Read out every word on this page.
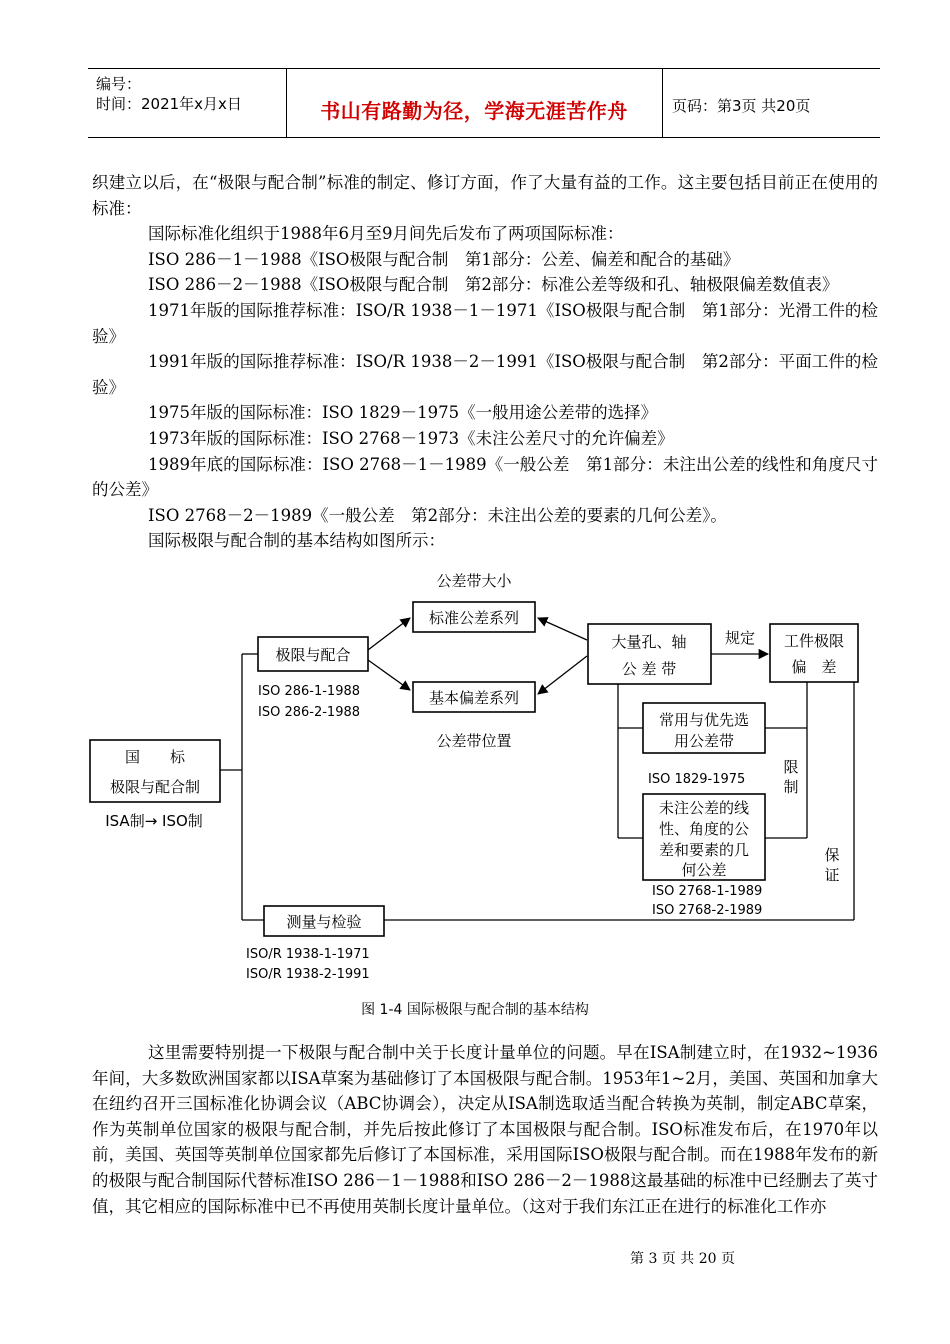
编号：
时间：2021年x月x日	书山有路勤为径，学海无涯苦作舟	页码：第3页 共20页

织建立以后，在“极限与配合制”标准的制定、修订方面，作了大量有益的工作。这主要包括目前正在使用的标准：

国际标准化组织于1988年6月至9月间先后发布了两项国际标准：

ISO 286－1－1988《ISO极限与配合制　第1部分：公差、偏差和配合的基础》

ISO 286－2－1988《ISO极限与配合制　第2部分：标准公差等级和孔、轴极限偏差数值表》

1971年版的国际推荐标准：ISO/R 1938－1－1971《ISO极限与配合制　第1部分：光滑工件的检验》

1991年版的国际推荐标准：ISO/R 1938－2－1991《ISO极限与配合制　第2部分：平面工件的检验》

1975年版的国际标准：ISO 1829－1975《一般用途公差带的选择》

1973年版的国际标准：ISO 2768－1973《未注公差尺寸的允许偏差》

1989年底的国际标准：ISO 2768－1－1989《一般公差　第1部分：未注出公差的线性和角度尺寸的公差》

ISO 2768－2－1989《一般公差　第2部分：未注出公差的要素的几何公差》。

国际极限与配合制的基本结构如图所示：

公差带大小
公差带位置
国　　标
极限与配合制
ISA制→ ISO制
极限与配合
标准公差系列
基本偏差系列
大量孔、轴
公 差 带
规定 工件极限
偏　差
常用与优先选
用公差带
限
制
未注公差的线
性、角度的公
差和要素的几
何公差
保
证
测量与检验
ISO 286-1-1988
ISO 286-2-1988
ISO 1829-1975
ISO 2768-1-1989
ISO 2768-2-1989
ISO/R 1938-1-1971
ISO/R 1938-2-1991
图 1-4 国际极限与配合制的基本结构

这里需要特别提一下极限与配合制中关于长度计量单位的问题。早在ISA制建立时，在1932~1936年间，大多数欧洲国家都以ISA草案为基础修订了本国极限与配合制。1953年1~2月，美国、英国和加拿大在纽约召开三国标准化协调会议（ABC协调会），决定从ISA制选取适当配合转换为英制，制定ABC草案，作为英制单位国家的极限与配合制，并先后按此修订了本国极限与配合制。ISO标准发布后，在1970年以前，美国、英国等英制单位国家都先后修订了本国标准，采用国际ISO极限与配合制。而在1988年发布的新的极限与配合制国际代替标准ISO 286－1－1988和ISO 286－2－1988这最基础的标准中已经删去了英寸值，其它相应的国际标准中已不再使用英制长度计量单位。（这对于我们东江正在进行的标准化工作亦

第 3 页 共 20 页
